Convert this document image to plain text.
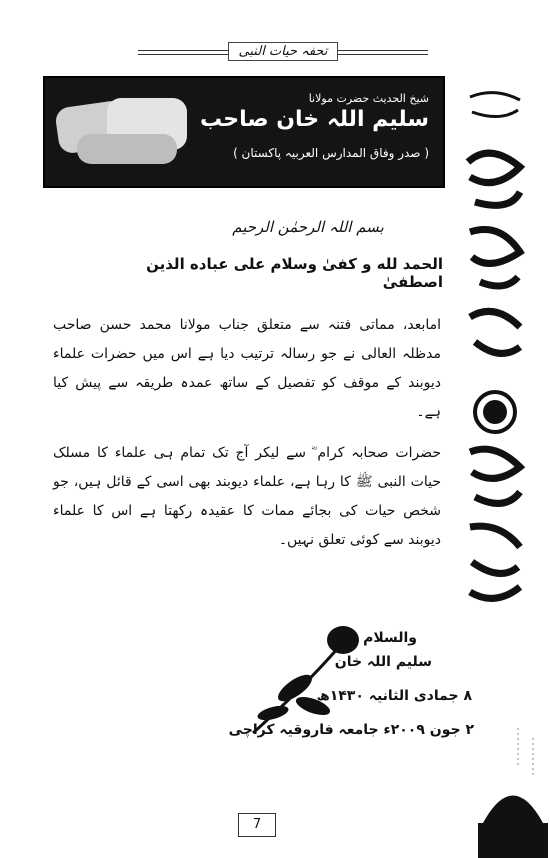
تحفہ حیات النبی
شیخ الحدیث حضرت مولانا
سلیم اللہ خان صاحب
( صدر وفاق المدارس العربیہ پاکستان )
بسم اللہ الرحمٰن الرحیم
الحمد لله و كفىٰ وسلام على عباده الذين اصطفىٰ
امابعد، مماتی فتنہ سے متعلق جناب مولانا محمد حسن صاحب مدظلہ العالی نے جو رسالہ ترتیب دیا ہے اس میں حضرات علماء دیوبند کے موقف کو تفصیل کے ساتھ عمدہ طریقہ سے پیش کیا ہے۔
حضرات صحابہ کرام ؓ سے لیکر آج تک تمام ہی علماء کا مسلک حیات النبی ﷺ کا رہا ہے، علماء دیوبند بھی اسی کے قائل ہیں، جو شخص حیات کی بجائے ممات کا عقیدہ رکھتا ہے اس کا علماء دیوبند سے کوئی تعلق نہیں۔
والسلام
سلیم اللہ خان
۸ جمادی الثانیہ ۱۴۳۰ھ
۲ جون ۲۰۰۹ء جامعہ فاروقیہ کراچی
7
